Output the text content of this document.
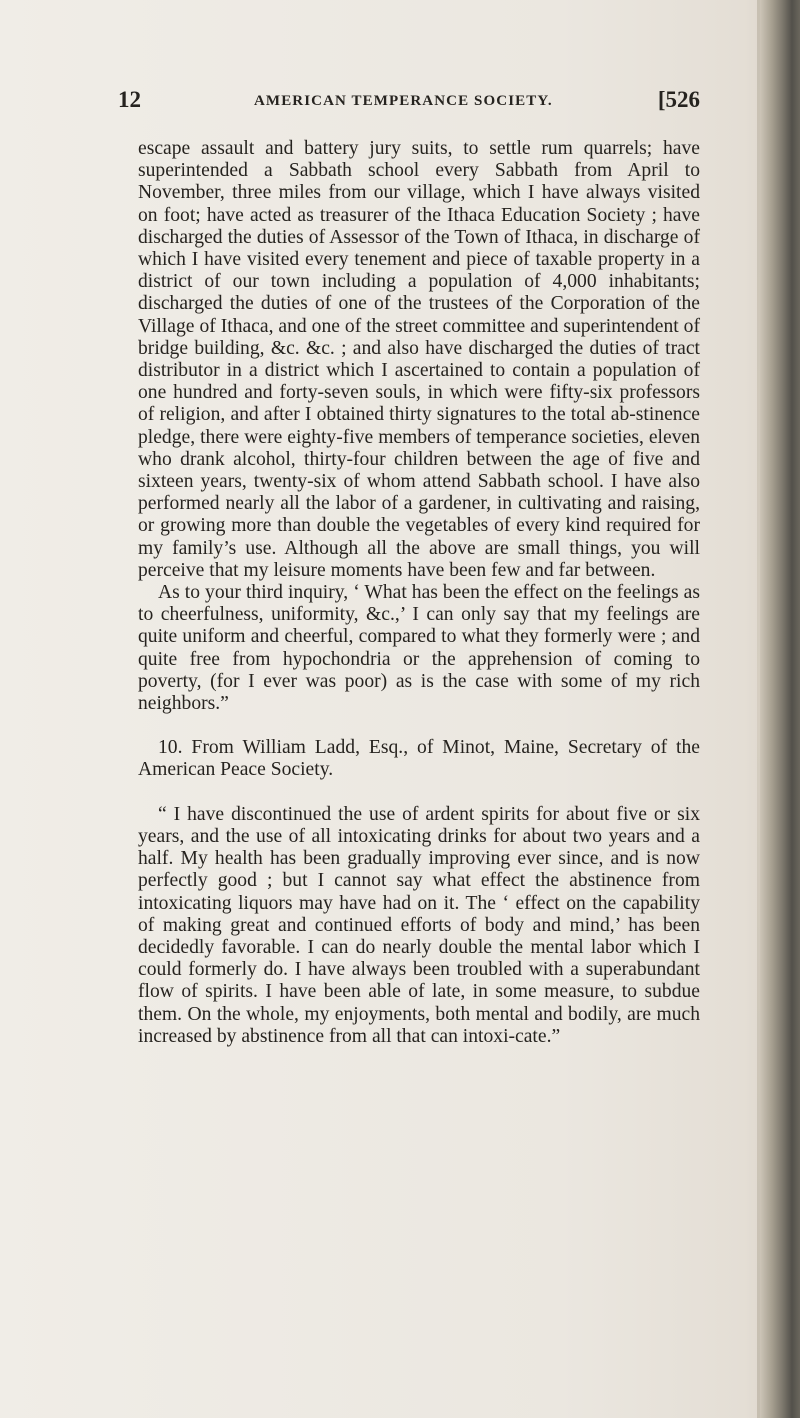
12	AMERICAN TEMPERANCE SOCIETY.	[526

escape assault and battery jury suits, to settle rum quarrels; have superintended a Sabbath school every Sabbath from April to November, three miles from our village, which I have always visited on foot; have acted as treasurer of the Ithaca Education Society ; have discharged the duties of Assessor of the Town of Ithaca, in discharge of which I have visited every tenement and piece of taxable property in a district of our town including a population of 4,000 inhabitants; discharged the duties of one of the trustees of the Corporation of the Village of Ithaca, and one of the street committee and superintendent of bridge building, &c. &c. ; and also have discharged the duties of tract distributor in a district which I ascertained to contain a population of one hundred and forty-seven souls, in which were fifty-six professors of religion, and after I obtained thirty signatures to the total ab-stinence pledge, there were eighty-five members of temperance societies, eleven who drank alcohol, thirty-four children between the age of five and sixteen years, twenty-six of whom attend Sabbath school. I have also performed nearly all the labor of a gardener, in cultivating and raising, or growing more than double the vegetables of every kind required for my family’s use. Although all the above are small things, you will perceive that my leisure moments have been few and far between.

As to your third inquiry, ‘ What has been the effect on the feelings as to cheerfulness, uniformity, &c.,’ I can only say that my feelings are quite uniform and cheerful, compared to what they formerly were ; and quite free from hypochondria or the apprehension of coming to poverty, (for I ever was poor) as is the case with some of my rich neighbors.”

10. From William Ladd, Esq., of Minot, Maine, Secretary of the American Peace Society.

“ I have discontinued the use of ardent spirits for about five or six years, and the use of all intoxicating drinks for about two years and a half. My health has been gradually improving ever since, and is now perfectly good ; but I cannot say what effect the abstinence from intoxicating liquors may have had on it. The ‘ effect on the capability of making great and continued efforts of body and mind,’ has been decidedly favorable. I can do nearly double the mental labor which I could formerly do. I have always been troubled with a superabundant flow of spirits. I have been able of late, in some measure, to subdue them. On the whole, my enjoyments, both mental and bodily, are much increased by abstinence from all that can intoxi-cate.”
